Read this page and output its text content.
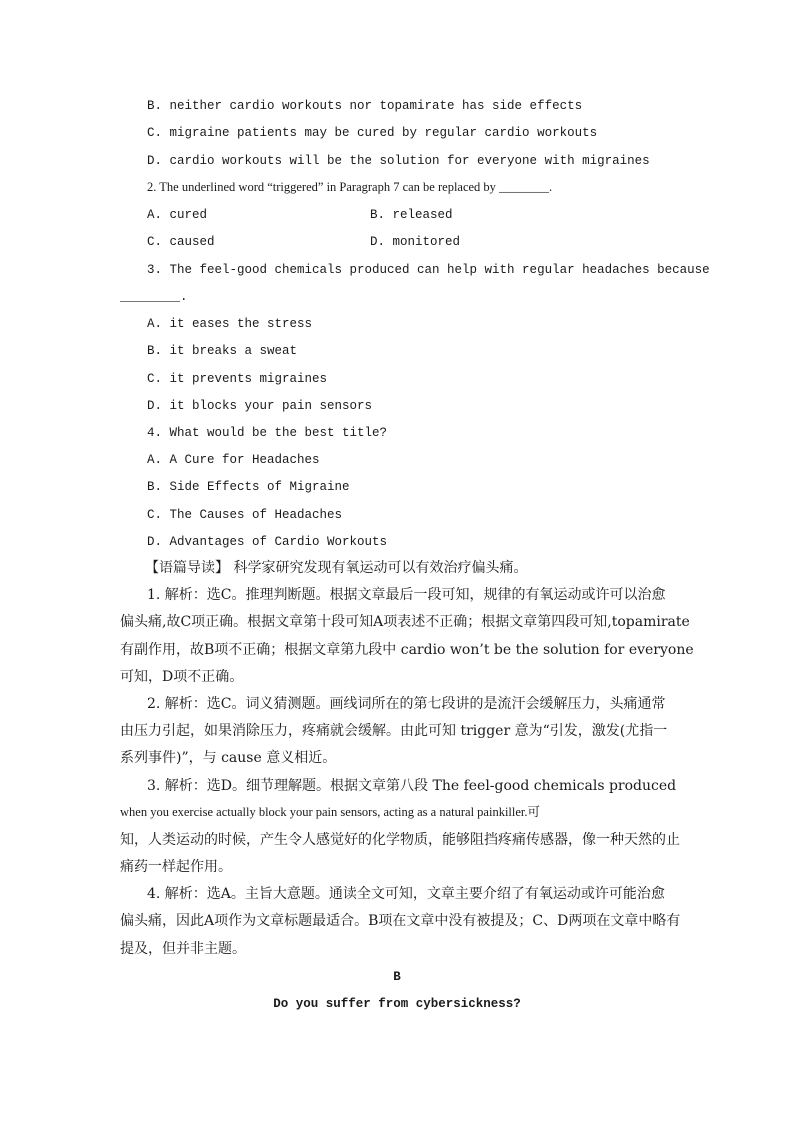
B. neither cardio workouts nor topamirate has side effects
C. migraine patients may be cured by regular cardio workouts
D. cardio workouts will be the solution for everyone with migraines
2. The underlined word “triggered” in Paragraph 7 can be replaced by ________.
A. cured	B. released
C. caused	D. monitored
3. The feel-good chemicals produced can help with regular headaches because
________.
A. it eases the stress
B. it breaks a sweat
C. it prevents migraines
D. it blocks your pain sensors
4. What would be the best title?
A. A Cure for Headaches
B. Side Effects of Migraine
C. The Causes of Headaches
D. Advantages of Cardio Workouts
【语篇导读】 科学家研究发现有氧运动可以有效治疗偏头痛。
1. 解析：选C。推理判断题。根据文章最后一段可知，规律的有氧运动或许可以治愈
偏头痛,故C项正确。根据文章第十段可知A项表述不正确；根据文章第四段可知,topamirate
有副作用，故B项不正确；根据文章第九段中 cardio won’t be the solution for everyone
可知，D项不正确。
2. 解析：选C。词义猜测题。画线词所在的第七段讲的是流汗会缓解压力，头痛通常
由压力引起，如果消除压力，疼痛就会缓解。由此可知 trigger 意为“引发，激发(尤指一
系列事件)”，与 cause 意义相近。
3. 解析：选D。细节理解题。根据文章第八段 The feel-good chemicals produced
when you exercise actually block your pain sensors, acting as a natural painkiller.可
知，人类运动的时候，产生令人感觉好的化学物质，能够阻挡疼痛传感器，像一种天然的止
痛药一样起作用。
4. 解析：选A。主旨大意题。通读全文可知，文章主要介绍了有氧运动或许可能治愈
偏头痛，因此A项作为文章标题最适合。B项在文章中没有被提及；C、D两项在文章中略有
提及，但并非主题。
B
Do you suffer from cybersickness?
